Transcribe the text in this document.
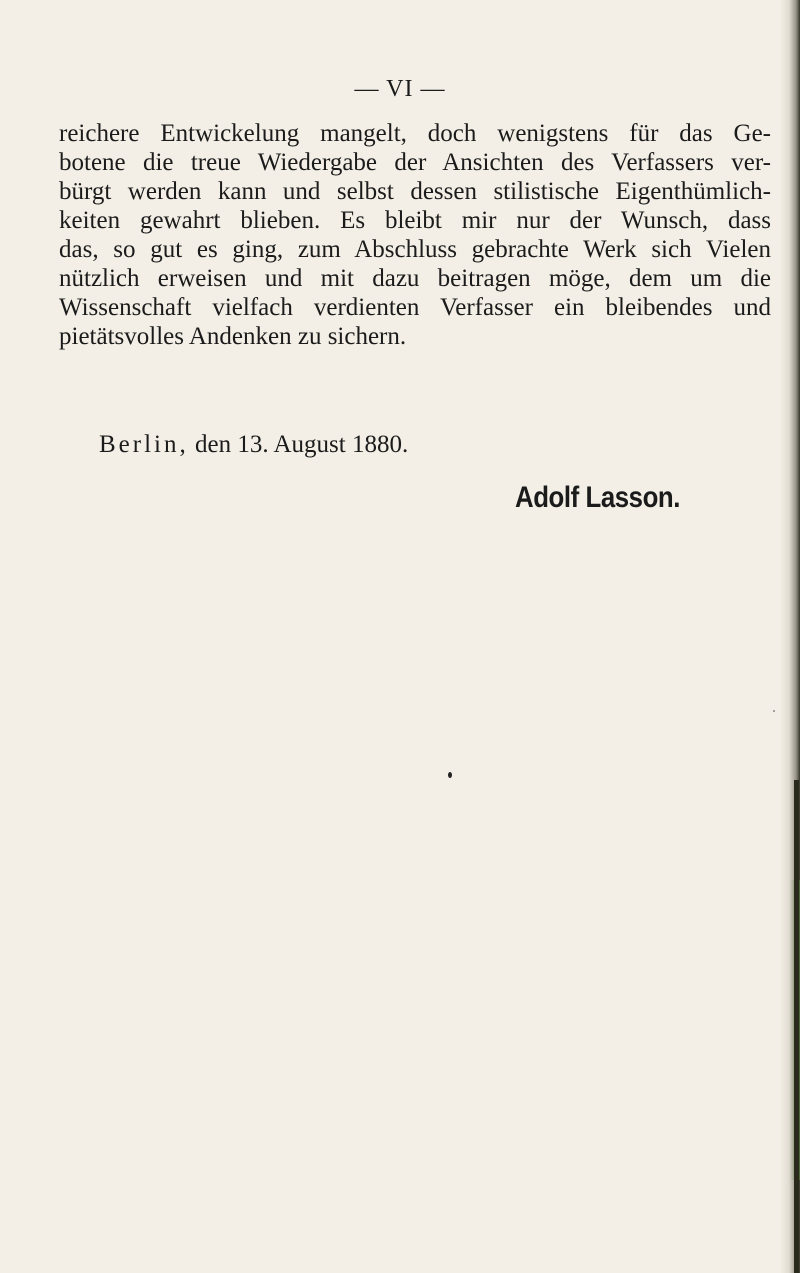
— VI —
reichere Entwickelung mangelt, doch wenigstens für das Ge-
botene die treue Wiedergabe der Ansichten des Verfassers ver-
bürgt werden kann und selbst dessen stilistische Eigenthümlich-
keiten gewahrt blieben. Es bleibt mir nur der Wunsch, dass
das, so gut es ging, zum Abschluss gebrachte Werk sich Vielen
nützlich erweisen und mit dazu beitragen möge, dem um die
Wissenschaft vielfach verdienten Verfasser ein bleibendes und
pietätsvolles Andenken zu sichern.
Berlin, den 13. August 1880.
Adolf Lasson.
